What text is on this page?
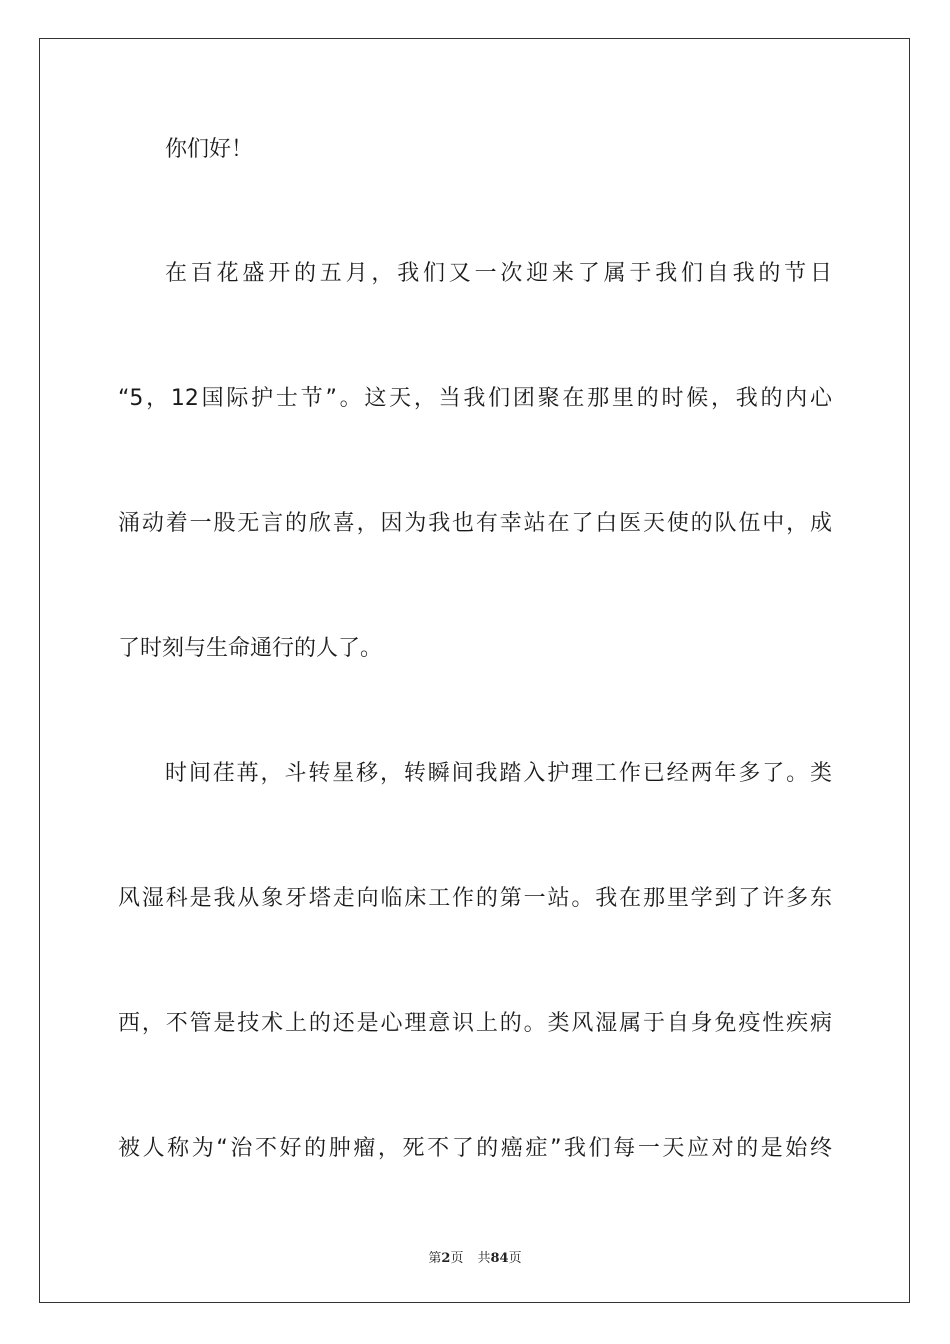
你们好！
在百花盛开的五月，我们又一次迎来了属于我们自我的节日
“5，12国际护士节”。这天，当我们团聚在那里的时候，我的内心
涌动着一股无言的欣喜，因为我也有幸站在了白医天使的队伍中，成
了时刻与生命通行的人了。
时间荏苒，斗转星移，转瞬间我踏入护理工作已经两年多了。类
风湿科是我从象牙塔走向临床工作的第一站。我在那里学到了许多东
西，不管是技术上的还是心理意识上的。类风湿属于自身免疫性疾病
被人称为“治不好的肿瘤，死不了的癌症”我们每一天应对的是始终
第2页 共84页
